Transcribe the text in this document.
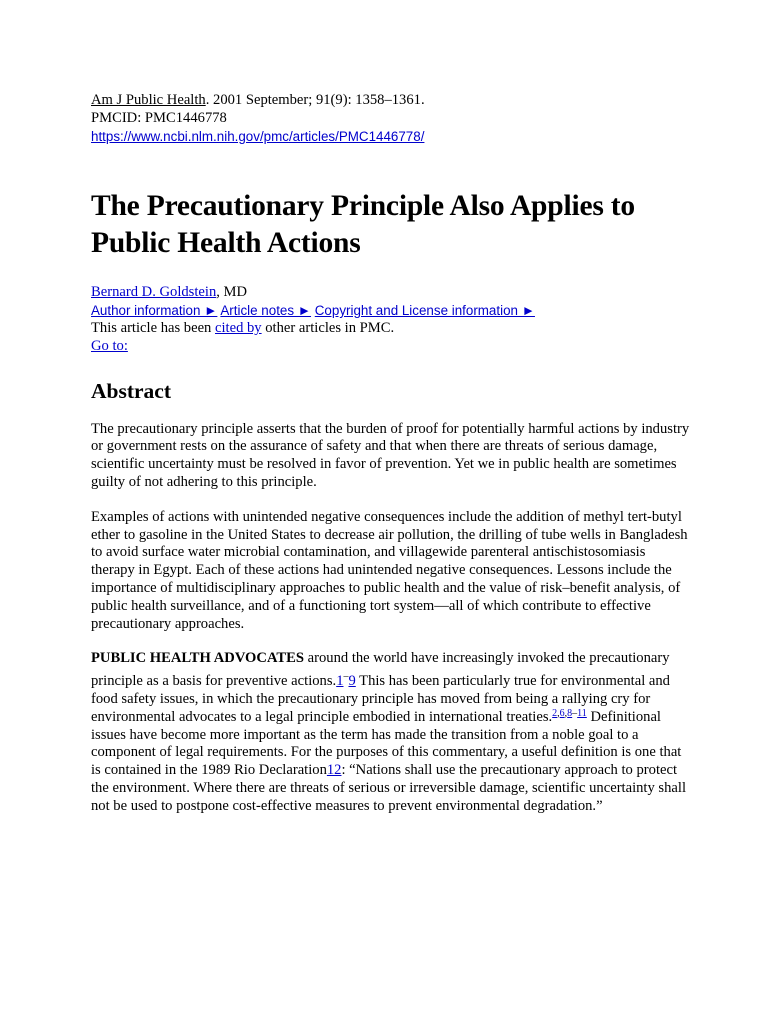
Am J Public Health. 2001 September; 91(9): 1358–1361.
PMCID: PMC1446778
https://www.ncbi.nlm.nih.gov/pmc/articles/PMC1446778/
The Precautionary Principle Also Applies to
Public Health Actions
Bernard D. Goldstein, MD
Author information ► Article notes ► Copyright and License information ►
This article has been cited by other articles in PMC.
Go to:
Abstract

The precautionary principle asserts that the burden of proof for potentially harmful actions by industry or government rests on the assurance of safety and that when there are threats of serious damage, scientific uncertainty must be resolved in favor of prevention. Yet we in public health are sometimes guilty of not adhering to this principle.

Examples of actions with unintended negative consequences include the addition of methyl tert-butyl ether to gasoline in the United States to decrease air pollution, the drilling of tube wells in Bangladesh to avoid surface water microbial contamination, and villagewide parenteral antischistosomiasis therapy in Egypt. Each of these actions had unintended negative consequences. Lessons include the importance of multidisciplinary approaches to public health and the value of risk–benefit analysis, of public health surveillance, and of a functioning tort system—all of which contribute to effective precautionary approaches.

PUBLIC HEALTH ADVOCATES around the world have increasingly invoked the precautionary principle as a basis for preventive actions.1–9 This has been particularly true for environmental and food safety issues, in which the precautionary principle has moved from being a rallying cry for environmental advocates to a legal principle embodied in international treaties.$^{2,6,8-11}$ Definitional issues have become more important as the term has made the transition from a noble goal to a component of legal requirements. For the purposes of this commentary, a useful definition is one that is contained in the 1989 Rio Declaration12: “Nations shall use the precautionary approach to protect the environment. Where there are threats of serious or irreversible damage, scientific uncertainty shall not be used to postpone cost-effective measures to prevent environmental degradation.”
